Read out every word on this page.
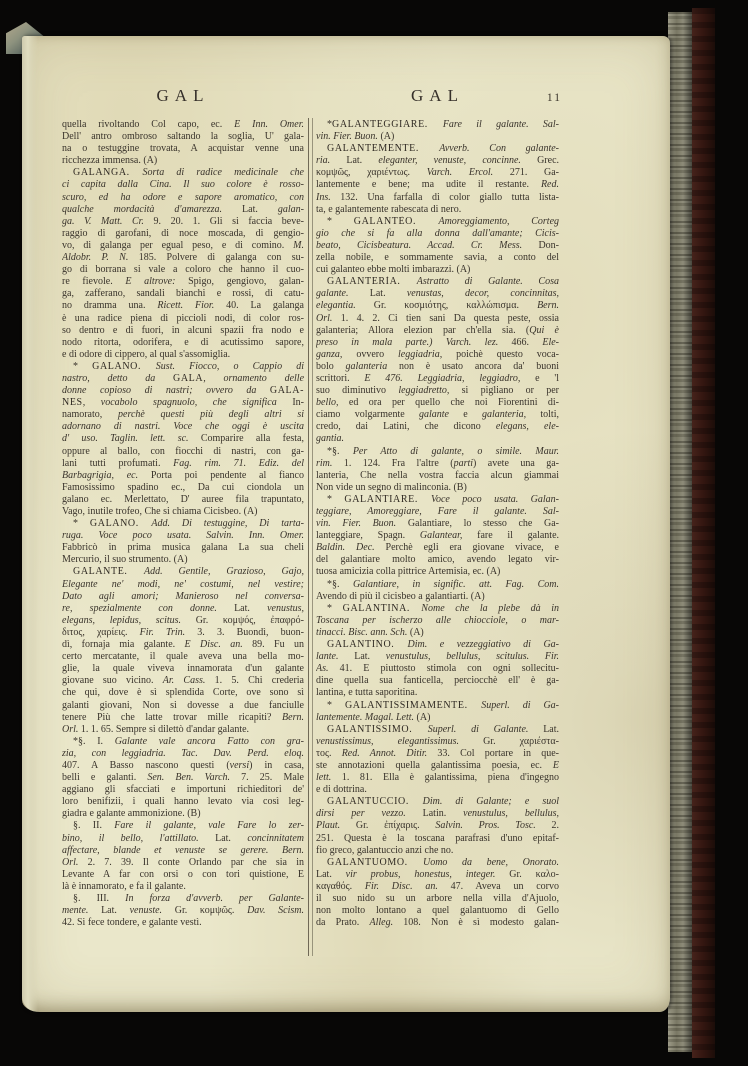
GAL	GAL	11
quella rivoltando Col capo, ec. E Inn. Omer.
Dell' antro ombroso saltando la soglia, U' gala-
na o testuggine trovata, A acquistar venne una
ricchezza immensa. (A)
GALANGA. Sorta di radice medicinale che
ci capita dalla Cina. Il suo colore è rosso-
scuro, ed ha odore e sapore aromatico, con
qualche mordacità d'amarezza. Lat. galan-
ga. V. Matt. Cr. 9. 20. 1. Gli si faccia beve-
raggio di garofani, di noce moscada, di gengio-
vo, di galanga per egual peso, e di comino. M.
Aldobr. P. N. 185. Polvere di galanga con su-
go di borrana si vale a coloro che hanno il cuo-
re fievole. E altrove: Spigo, gengiovo, galan-
ga, zafferano, sandali bianchi e rossi, di catu-
no dramma una. Ricett. Fior. 40. La galanga
è una radice piena di piccioli nodi, di color ros-
so dentro e di fuori, in alcuni spazii fra nodo e
nodo ritorta, odorifera, e di acutissimo sapore,
e di odore di cippero, al qual s'assomiglia.
* GALANO. Sust. Fiocco, o Cappio di
nastro, detto da GALA, ornamento delle
donne copioso di nastri; ovvero da GALA-
NES, vocabolo spagnuolo, che significa In-
namorato, perchè questi più degli altri si
adornano di nastri. Voce che oggi è uscita
d' uso. Taglin. lett. sc. Comparire alla festa,
oppure al ballo, con fiocchi di nastri, con ga-
lani tutti profumati. Fag. rim. 71. Ediz. del
Barbagrigia, ec. Porta poi pendente al fianco
Famosissimo spadino ec., Da cui ciondola un
galano ec. Merlettato, D' auree fila trapuntato,
Vago, inutile trofeo, Che si chiama Cicisbeo. (A)
* GALANO. Add. Di testuggine, Di tarta-
ruga. Voce poco usata. Salvin. Inn. Omer.
Fabbricò in prima musica galana La sua cheli
Mercurio, il suo strumento. (A)
GALANTE. Add. Gentile, Grazioso, Gajo,
Elegante ne' modi, ne' costumi, nel vestire;
Dato agli amori; Manieroso nel conversa-
re, spezialmente con donne. Lat. venustus,
elegans, lepidus, scitus. Gr. κομψός, ἐπαφρό-
διτος, χαρίεις. Fir. Trin. 3. 3. Buondì, buon-
dì, fornaja mia galante. E Disc. an. 89. Fu un
certo mercatante, il quale aveva una bella mo-
glie, la quale viveva innamorata d'un galante
giovane suo vicino. Ar. Cass. 1. 5. Chi crederia
che qui, dove è sì splendida Corte, ove sono sì
galanti giovani, Non si dovesse a due fanciulle
tenere Più che latte trovar mille ricapiti? Bern.
Orl. 1. 1. 65. Sempre si dilettò d'andar galante.
*§. I. Galante vale ancora Fatto con gra-
zia, con leggiadria. Tac. Dav. Perd. eloq.
407. A Basso nascono questi (versi) in casa,
belli e galanti. Sen. Ben. Varch. 7. 25. Male
aggiano gli sfacciati e importuni richieditori de'
loro benifizii, i quali hanno levato via così leg-
giadra e galante ammonizione. (B)
§. II. Fare il galante, vale Fare lo zer-
bino, il bello, l'attillato. Lat. concinnitatem
affectare, blande et venuste se gerere. Bern.
Orl. 2. 7. 39. Il conte Orlando par che sia in
Levante A far con orsi o con tori quistione, E
là è innamorato, e fa il galante.
§. III. In forza d'avverb. per Galante-
mente. Lat. venuste. Gr. κομψῶς. Dav. Scism.
42. Si fece tondere, e galante vestì.
*GALANTEGGIARE. Fare il galante. Sal-
vin. Fier. Buon. (A)
GALANTEMENTE. Avverb. Con galante-
ria. Lat. eleganter, venuste, concinne. Grec.
κομψῶς, χαριέντως. Varch. Ercol. 271. Ga-
lantemente e bene; ma udite il restante. Red.
Ins. 132. Una farfalla di color giallo tutta lista-
ta, e galantemente rabescata di nero.
* GALANTÈO. Amoreggiamento, Corteg
gio che si fa alla donna dall'amante; Cicis-
beato, Cicisbeatura. Accad. Cr. Mess. Don-
zella nobile, e sommamente savia, a conto del
cui galanteo ebbe molti imbarazzi. (A)
GALANTERÌA. Astratto di Galante. Cosa
galante. Lat. venustas, decor, concinnitas,
elegantia. Gr. κοσμιότης, καλλώπισμα. Bern.
Orl. 1. 4. 2. Ci tien sani Da questa peste, ossia
galanteria; Allora elezion par ch'ella sia. (Qui è
preso in mala parte.) Varch. lez. 466. Ele-
ganza, ovvero leggiadria, poichè questo voca-
bolo galanteria non è usato ancora da' buoni
scrittori. E 476. Leggiadria, leggiadro, e 'l
suo diminutivo leggiadretto, si pigliano or per
bello, ed ora per quello che noi Fiorentini di-
ciamo volgarmente galante e galanteria, tolti,
credo, dai Latini, che dicono elegans, ele-
gantia.
*§. Per Atto di galante, o simile. Maur.
rim. 1. 124. Fra l'altre (parti) avete una ga-
lanteria, Che nella vostra faccia alcun giammai
Non vide un segno di malinconia. (B)
* GALANTIARE. Voce poco usata. Galan-
teggiare, Amoreggiare, Fare il galante. Sal-
vin. Fier. Buon. Galantiare, lo stesso che Ga-
lanteggiare, Spagn. Galantear, fare il galante.
Baldin. Dec. Perchè egli era giovane vivace, e
del galantiare molto amico, avendo legato vir-
tuosa amicizia colla pittrice Artemisia, ec. (A)
*§. Galantiare, in signific. att. Fag. Com.
Avendo di più il cicisbeo a galantiarti. (A)
* GALANTINA. Nome che la plebe dà in
Toscana per ischerzo alle chiocciole, o mar-
tinacci. Bisc. ann. Sch. (A)
GALANTINO. Dim. e vezzeggiativo di Ga-
lante. Lat. venustulus, bellulus, scitulus. Fir.
As. 41. E piuttosto stimola con ogni sollecitu-
dine quella sua fanticella, perciocchè ell' è ga-
lantina, e tutta saporitina.
* GALANTISSIMAMENTE. Superl. di Ga-
lantemente. Magal. Lett. (A)
GALANTISSIMO. Superl. di Galante. Lat.
venustissimus, elegantissimus. Gr. χαριέστα-
τος. Red. Annot. Ditir. 33. Col portare in que-
ste annotazioni quella galantissima poesia, ec. E
lett. 1. 81. Ella è galantissima, piena d'ingegno
e di dottrina.
GALANTUCCIO. Dim. di Galante; e suol
dirsi per vezzo. Latin. venustulus, bellulus,
Plaut. Gr. ἐπίχαρις. Salvin. Pros. Tosc. 2.
251. Questa è la toscana parafrasi d'uno epitaf-
fio greco, galantuccio anzi che no.
GALANTUOMO. Uomo da bene, Onorato.
Lat. vir probus, honestus, integer. Gr. καλο-
καγαθός. Fir. Disc. an. 47. Aveva un corvo
il suo nido su un arbore nella villa d'Ajuolo,
non molto lontano a quel galantuomo di Gello
da Prato. Alleg. 108. Non è sì modesto galan-
